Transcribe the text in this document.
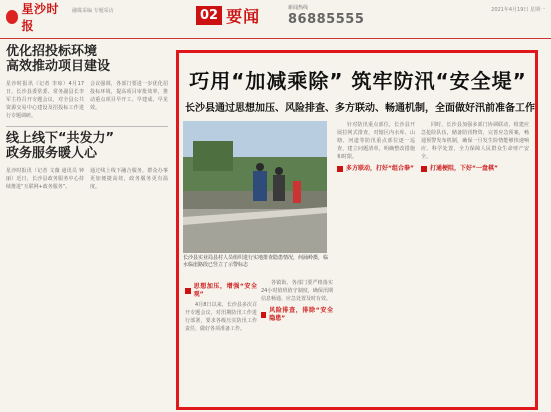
星沙时报
融媒采编 专题采访	02 要闻	新闻热线
86885555
2021年4月19日 星期一

优化招投标环境

高效推动项目建设

星沙时报讯（记者 李琼）4月17日，长沙县委常委、常务副县长李军主持召开专题会议，对全县公共资源交易中心建设及招投标工作进行专题调研。

会议强调，各部门要进一步优化招投标环境，提高项目审批效率，推动重点项目早开工、早建成、早见效。

线上线下“共发力”

政务服务暖人心

星沙时报讯（记者 文薇 通讯员 钟丽）近日，长沙县政务服务中心持续推进“互联网+政务服务”。

通过线上线下融合服务，群众办事更加便捷高效，政务服务更有温度。

巧用“加减乘除” 筑牢防汛“安全堤”
长沙县通过思想加压、风险排查、多方联动、畅通机制，全面做好汛前准备工作
长沙县实业局县村人员组织进行实地排查隐患情况，何涌岭摄，临水临崖路段已竖立了示警标志
思想加压，增强“安全观”

4月8日以来，长沙县多次召开专题会议，对汛期防汛工作进行部署，要求各级压实防汛工作责任，做好各项准备工作。

各镇街、各部门要严格落实24小时值班值守制度，确保汛期信息畅通、应急处置及时有效。

风险排查，排除“安全隐患”

针对防汛重点部位，长沙县开展拉网式排查，对辖区内水库、山塘、河道等防汛重点部位逐一巡查，建立问题清单，明确整改措施和时限。

多方联动，打好“组合拳”

同时，长沙县加强多部门协调联动，组建应急抢险队伍，储备防汛物资，完善应急预案，畅通预警发布机制，确保一旦发生险情能够快速响应、科学处置，全力保障人民群众生命财产安全。

打通梗阻，下好“一盘棋”
